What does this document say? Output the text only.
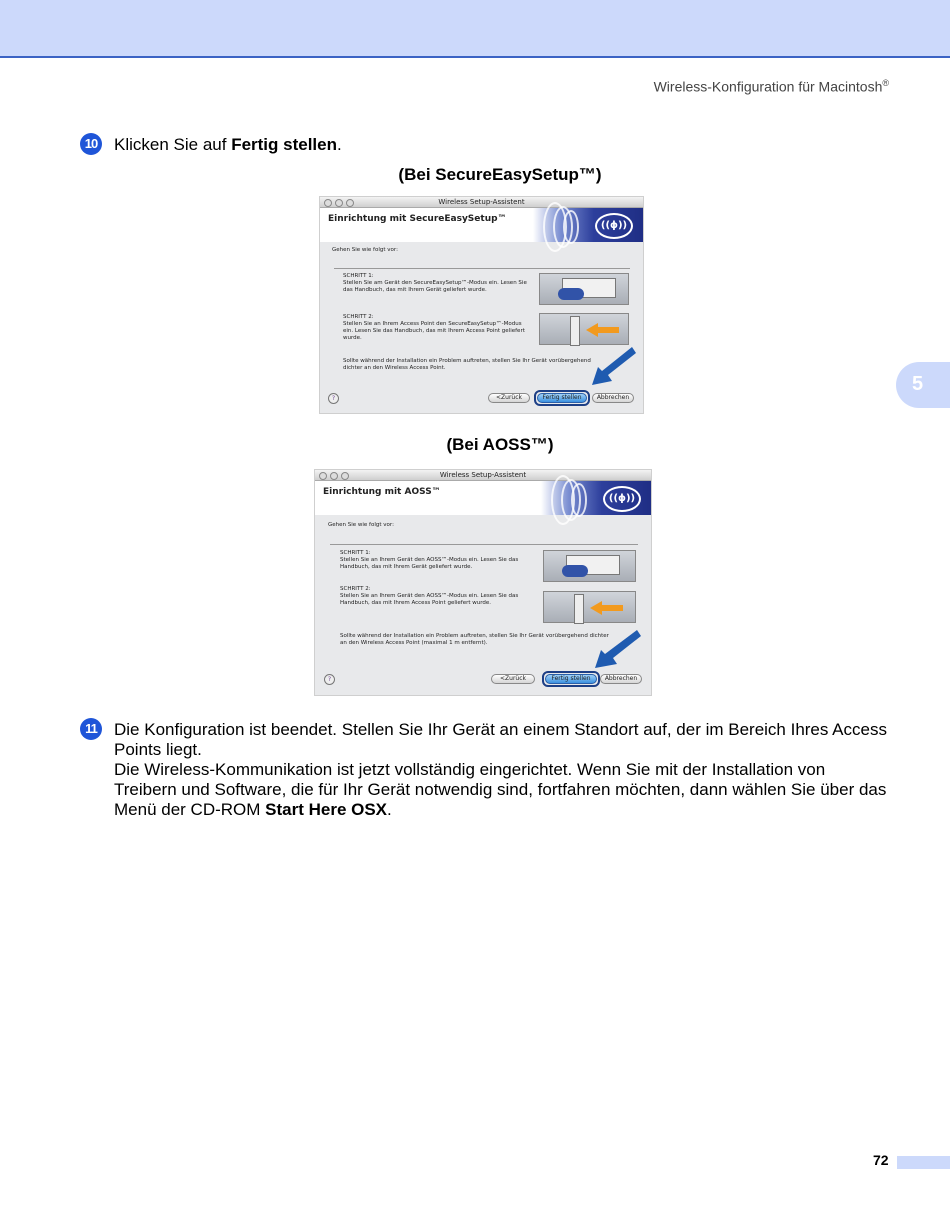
Wireless-Konfiguration für Macintosh®
5
10 Klicken Sie auf Fertig stellen.
(Bei SecureEasySetup™)
Wireless Setup-Assistent
Einrichtung mit SecureEasySetup™
((ϕ))
Gehen Sie wie folgt vor:
SCHRITT 1:
Stellen Sie am Gerät den SecureEasySetup™-Modus ein. Lesen Sie das Handbuch, das mit Ihrem Gerät geliefert wurde.
SCHRITT 2:
Stellen Sie an Ihrem Access Point den SecureEasySetup™-Modus ein. Lesen Sie das Handbuch, das mit Ihrem Access Point geliefert wurde.
Sollte während der Installation ein Problem auftreten, stellen Sie Ihr Gerät vorübergehend dichter an den Wireless Access Point.
?	<Zurück	Fertig stellen	Abbrechen
(Bei AOSS™)
Wireless Setup-Assistent
Einrichtung mit AOSS™
((ϕ))
Gehen Sie wie folgt vor:
SCHRITT 1:
Stellen Sie an Ihrem Gerät den AOSS™-Modus ein. Lesen Sie das Handbuch, das mit Ihrem Gerät geliefert wurde.
SCHRITT 2:
Stellen Sie an Ihrem Gerät den AOSS™-Modus ein. Lesen Sie das Handbuch, das mit Ihrem Access Point geliefert wurde.
Sollte während der Installation ein Problem auftreten, stellen Sie Ihr Gerät vorübergehend dichter an den Wireless Access Point (maximal 1 m entfernt).
?	<Zurück	Fertig stellen	Abbrechen
11	Die Konfiguration ist beendet. Stellen Sie Ihr Gerät an einem Standort auf, der im Bereich Ihres Access Points liegt.
Die Wireless-Kommunikation ist jetzt vollständig eingerichtet. Wenn Sie mit der Installation von Treibern und Software, die für Ihr Gerät notwendig sind, fortfahren möchten, dann wählen Sie über das Menü der CD-ROM Start Here OSX.
72
